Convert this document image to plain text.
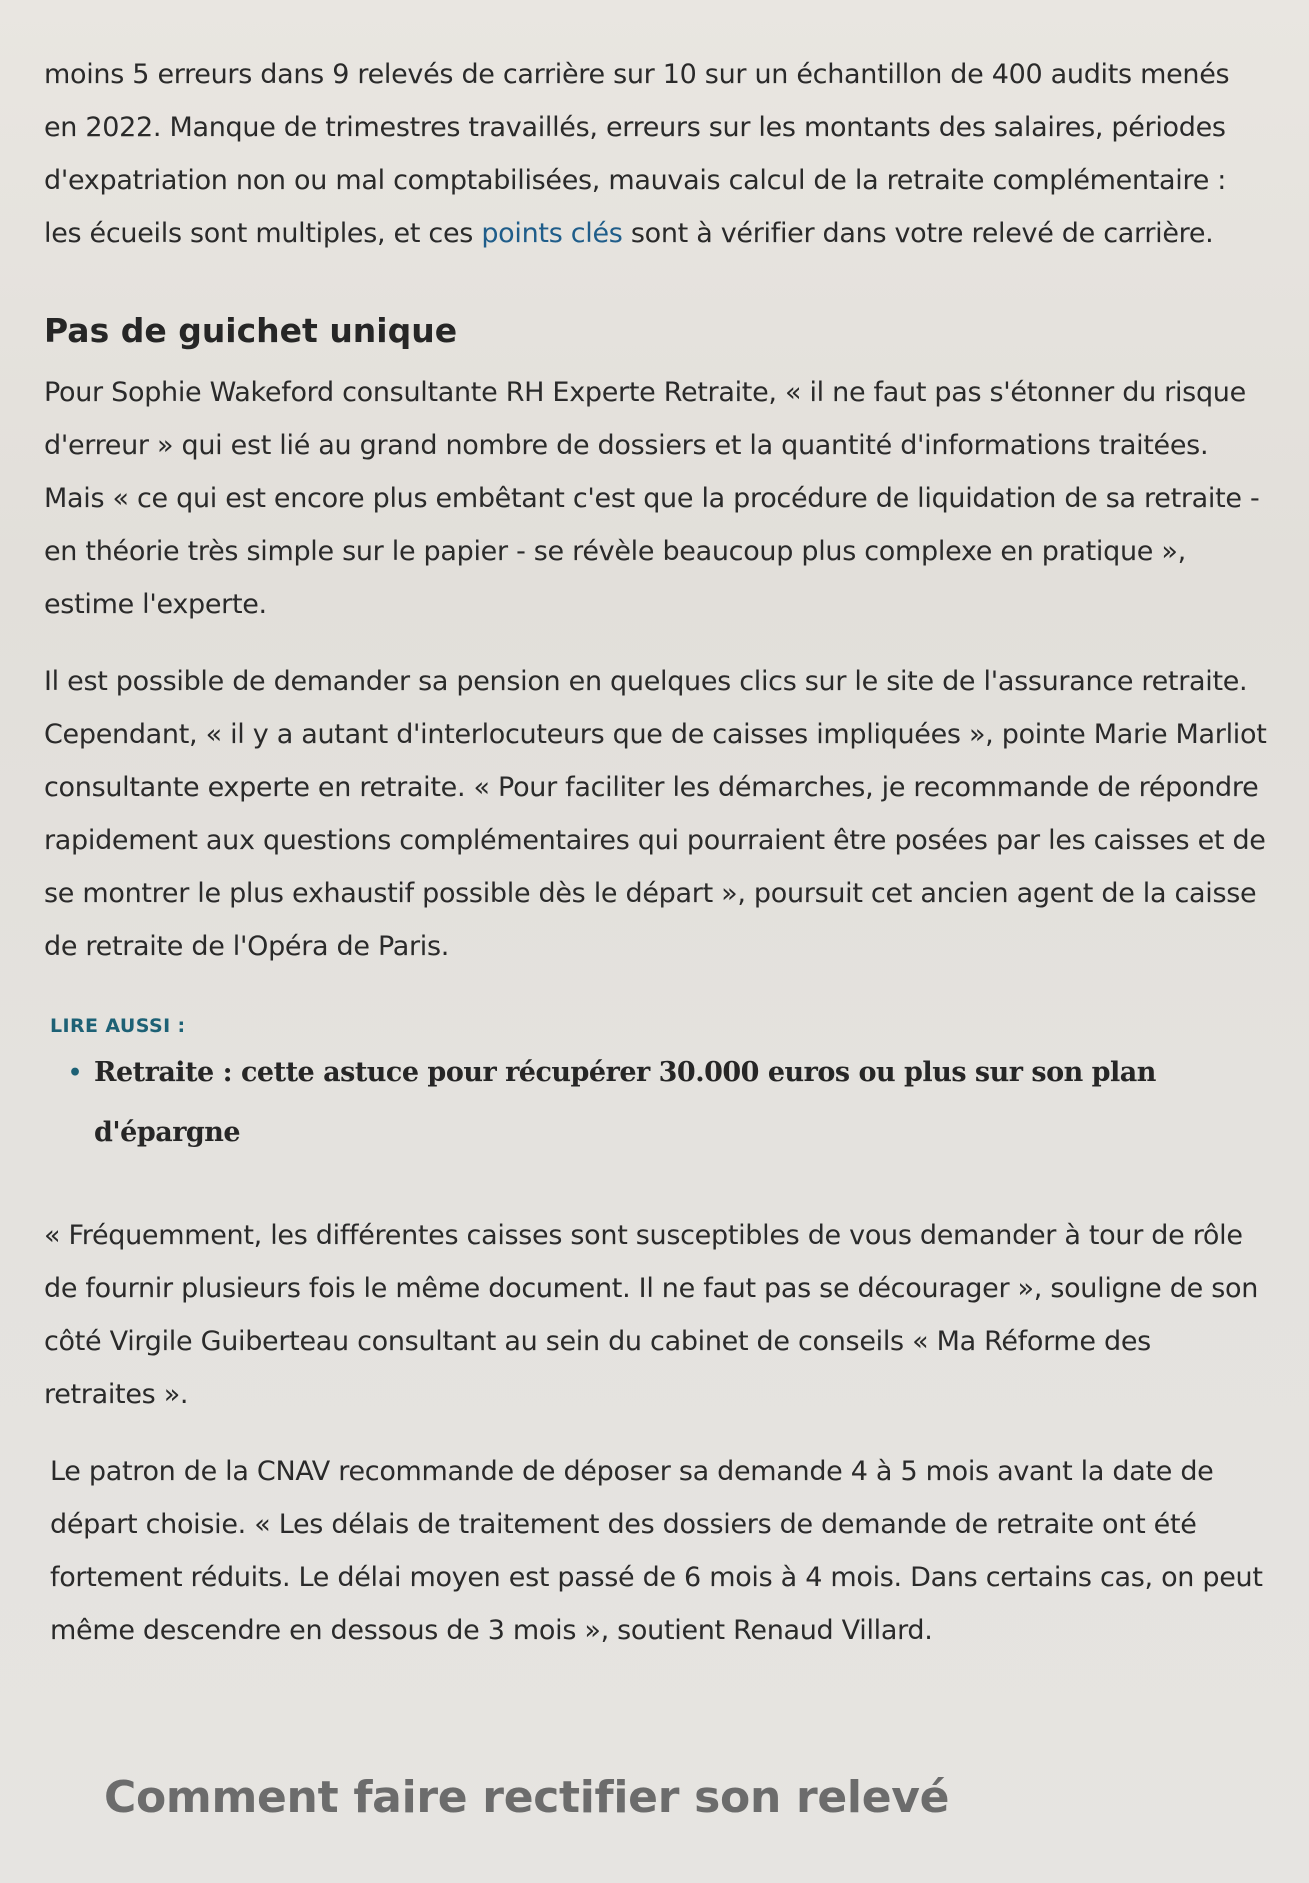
moins 5 erreurs dans 9 relevés de carrière sur 10 sur un échantillon de 400 audits menés en 2022. Manque de trimestres travaillés, erreurs sur les montants des salaires, périodes d'expatriation non ou mal comptabilisées, mauvais calcul de la retraite complémentaire : les écueils sont multiples, et ces points clés sont à vérifier dans votre relevé de carrière.

Pas de guichet unique

Pour Sophie Wakeford consultante RH Experte Retraite, « il ne faut pas s'étonner du risque d'erreur » qui est lié au grand nombre de dossiers et la quantité d'informations traitées. Mais « ce qui est encore plus embêtant c'est que la procédure de liquidation de sa retraite - en théorie très simple sur le papier - se révèle beaucoup plus complexe en pratique », estime l'experte.

Il est possible de demander sa pension en quelques clics sur le site de l'assurance retraite. Cependant, « il y a autant d'interlocuteurs que de caisses impliquées », pointe Marie Marliot consultante experte en retraite. « Pour faciliter les démarches, je recommande de répondre rapidement aux questions complémentaires qui pourraient être posées par les caisses et de se montrer le plus exhaustif possible dès le départ », poursuit cet ancien agent de la caisse de retraite de l'Opéra de Paris.

LIRE AUSSI :
• Retraite : cette astuce pour récupérer 30.000 euros ou plus sur son plan d'épargne

« Fréquemment, les différentes caisses sont susceptibles de vous demander à tour de rôle de fournir plusieurs fois le même document. Il ne faut pas se décourager », souligne de son côté Virgile Guiberteau consultant au sein du cabinet de conseils « Ma Réforme des retraites ».

Le patron de la CNAV recommande de déposer sa demande 4 à 5 mois avant la date de départ choisie. « Les délais de traitement des dossiers de demande de retraite ont été fortement réduits. Le délai moyen est passé de 6 mois à 4 mois. Dans certains cas, on peut même descendre en dessous de 3 mois », soutient Renaud Villard.

Comment faire rectifier son relevé
